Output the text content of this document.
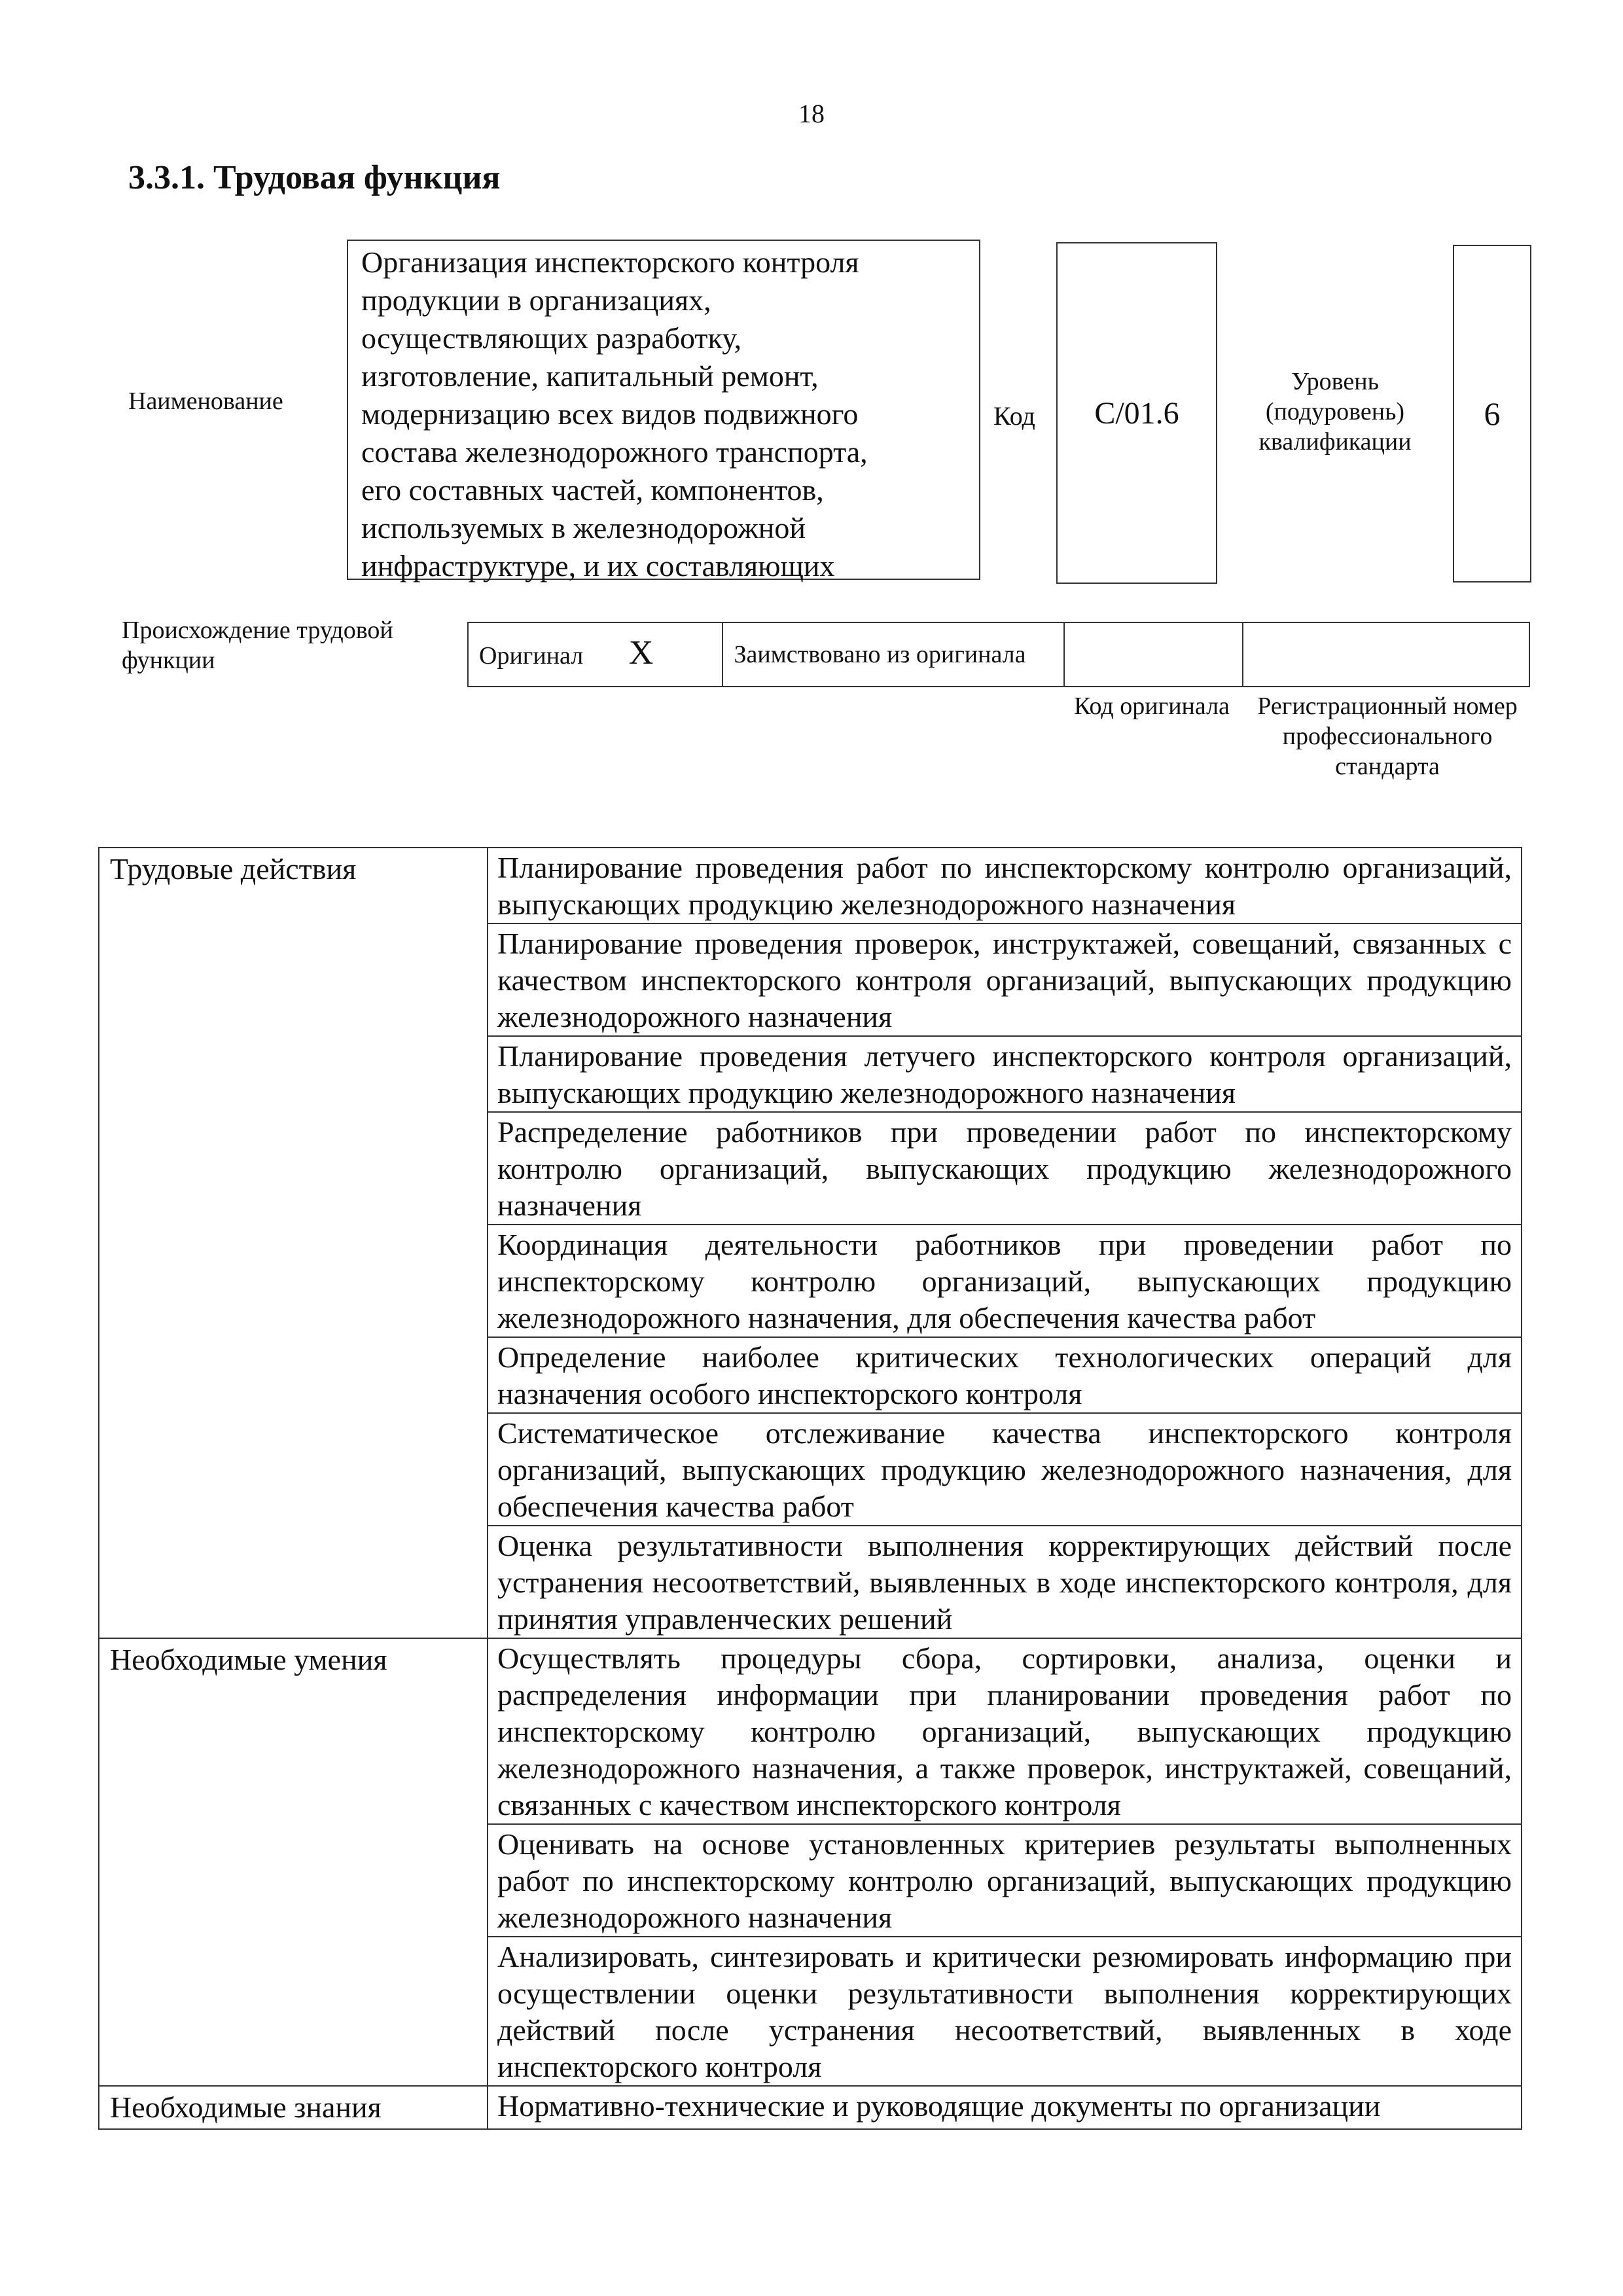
18
3.3.1. Трудовая функция
Наименование
Организация инспекторского контроля
продукции в организациях,
осуществляющих разработку,
изготовление, капитальный ремонт,
модернизацию всех видов подвижного
состава железнодорожного транспорта,
его составных частей, компонентов,
используемых в железнодорожной
инфраструктуре, и их составляющих
Код	С/01.6
Уровень (подуровень) квалификации
6
Происхождение трудовой функции	Оригинал X	Заимствовано из оригинала		
Код оригинала	Регистрационный номер профессионального стандарта
Трудовые действия	Планирование проведения работ по инспекторскому контролю организаций, выпускающих продукцию железнодорожного назначения
	Планирование проведения проверок, инструктажей, совещаний, связанных с качеством инспекторского контроля организаций, выпускающих продукцию железнодорожного назначения
	Планирование проведения летучего инспекторского контроля организаций, выпускающих продукцию железнодорожного назначения
	Распределение работников при проведении работ по инспекторскому контролю организаций, выпускающих продукцию железнодорожного назначения
	Координация деятельности работников при проведении работ по инспекторскому контролю организаций, выпускающих продукцию железнодорожного назначения, для обеспечения качества работ
	Определение наиболее критических технологических операций для назначения особого инспекторского контроля
	Систематическое отслеживание качества инспекторского контроля организаций, выпускающих продукцию железнодорожного назначения, для обеспечения качества работ
	Оценка результативности выполнения корректирующих действий после устранения несоответствий, выявленных в ходе инспекторского контроля, для принятия управленческих решений
Необходимые умения	Осуществлять процедуры сбора, сортировки, анализа, оценки и распределения информации при планировании проведения работ по инспекторскому контролю организаций, выпускающих продукцию железнодорожного назначения, а также проверок, инструктажей, совещаний, связанных с качеством инспекторского контроля
	Оценивать на основе установленных критериев результаты выполненных работ по инспекторскому контролю организаций, выпускающих продукцию железнодорожного назначения
	Анализировать, синтезировать и критически резюмировать информацию при осуществлении оценки результативности выполнения корректирующих действий после устранения несоответствий, выявленных в ходе инспекторского контроля
Необходимые знания	Нормативно-технические и руководящие документы по организации
